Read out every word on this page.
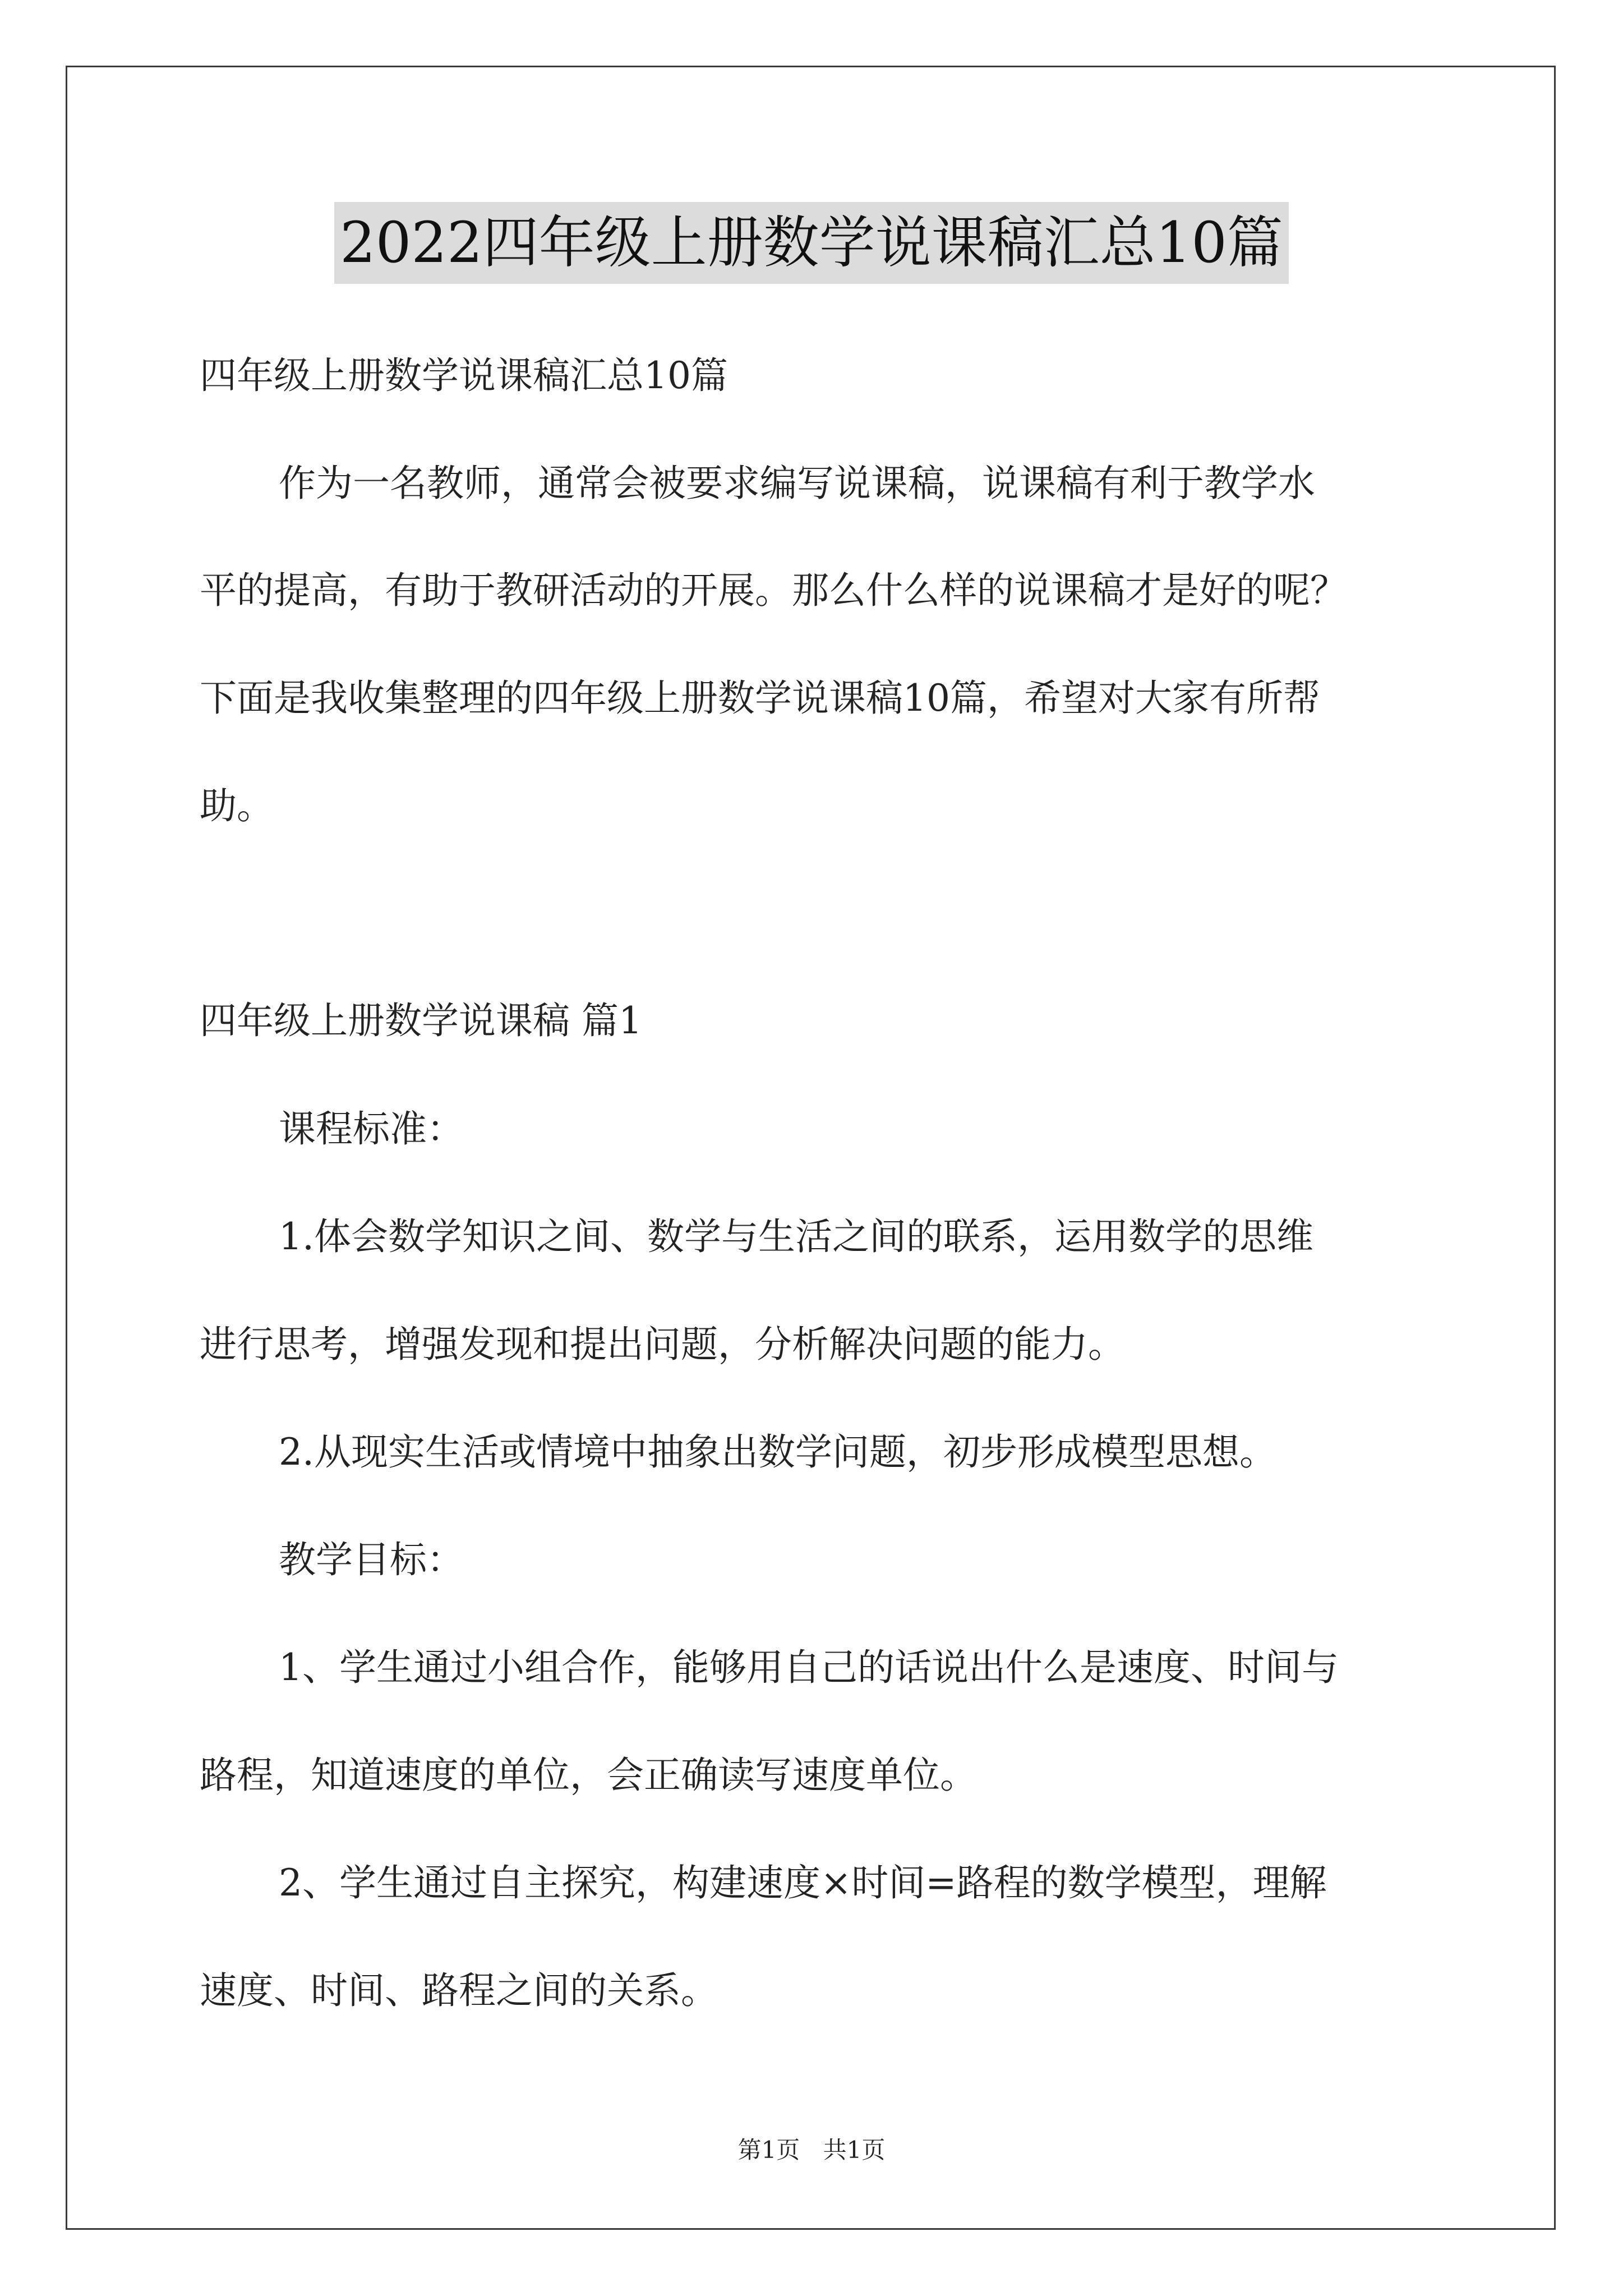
2022四年级上册数学说课稿汇总10篇
四年级上册数学说课稿汇总10篇
作为一名教师，通常会被要求编写说课稿，说课稿有利于教学水
平的提高，有助于教研活动的开展。那么什么样的说课稿才是好的呢？
下面是我收集整理的四年级上册数学说课稿10篇，希望对大家有所帮
助。
四年级上册数学说课稿 篇1
课程标准：
1.体会数学知识之间、数学与生活之间的联系，运用数学的思维
进行思考，增强发现和提出问题，分析解决问题的能力。
2.从现实生活或情境中抽象出数学问题，初步形成模型思想。
教学目标：
1、学生通过小组合作，能够用自己的话说出什么是速度、时间与
路程，知道速度的单位，会正确读写速度单位。
2、学生通过自主探究，构建速度×时间=路程的数学模型，理解
速度、时间、路程之间的关系。
第1页 共1页
